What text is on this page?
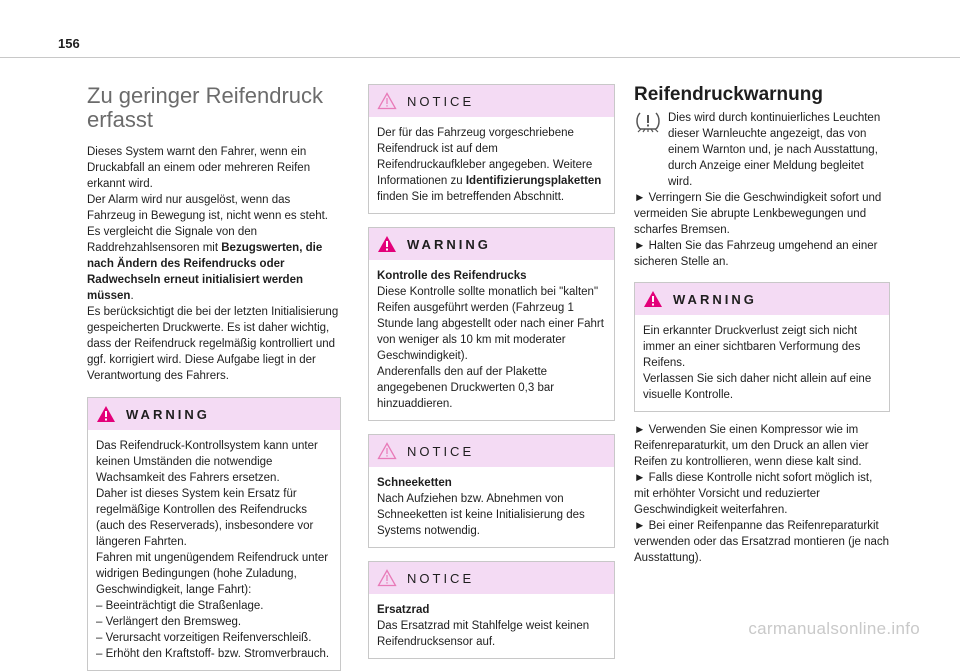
156
Zu geringer Reifendruck
erfasst

Dieses System warnt den Fahrer, wenn ein Druckabfall an einem oder mehreren Reifen erkannt wird.

Der Alarm wird nur ausgelöst, wenn das Fahrzeug in Bewegung ist, nicht wenn es steht.

Es vergleicht die Signale von den Raddrehzahlsensoren mit Bezugswerten, die nach Ändern des Reifendrucks oder Radwechseln erneut initialisiert werden müssen.

Es berücksichtigt die bei der letzten Initialisierung gespeicherten Druckwerte. Es ist daher wichtig, dass der Reifendruck regelmäßig kontrolliert und ggf. korrigiert wird. Diese Aufgabe liegt in der Verantwortung des Fahrers.

WARNING
Das Reifendruck-Kontrollsystem kann unter keinen Umständen die notwendige Wachsamkeit des Fahrers ersetzen.
Daher ist dieses System kein Ersatz für regelmäßige Kontrollen des Reifendrucks (auch des Reserverads), insbesondere vor längeren Fahrten.
Fahren mit ungenügendem Reifendruck unter widrigen Bedingungen (hohe Zuladung, Geschwindigkeit, lange Fahrt):
– Beeinträchtigt die Straßenlage.
– Verlängert den Bremsweg.
– Verursacht vorzeitigen Reifenverschleiß.
– Erhöht den Kraftstoff- bzw. Stromverbrauch.
NOTICE
Der für das Fahrzeug vorgeschriebene Reifendruck ist auf dem Reifendruckaufkleber angegeben. Weitere Informationen zu Identifizierungsplaketten finden Sie im betreffenden Abschnitt.
WARNING
Kontrolle des Reifendrucks
Diese Kontrolle sollte monatlich bei "kalten" Reifen ausgeführt werden (Fahrzeug 1 Stunde lang abgestellt oder nach einer Fahrt von weniger als 10 km mit moderater Geschwindigkeit).
Anderenfalls den auf der Plakette angegebenen Druckwerten 0,3 bar hinzuaddieren.
NOTICE
Schneeketten
Nach Aufziehen bzw. Abnehmen von Schneeketten ist keine Initialisierung des Systems notwendig.
NOTICE
Ersatzrad
Das Ersatzrad mit Stahlfelge weist keinen Reifendrucksensor auf.
Reifendruckwarnung

Dies wird durch kontinuierliches Leuchten dieser Warnleuchte angezeigt, das von einem Warnton und, je nach Ausstattung, durch Anzeige einer Meldung begleitet wird.

► Verringern Sie die Geschwindigkeit sofort und vermeiden Sie abrupte Lenkbewegungen und scharfes Bremsen.

► Halten Sie das Fahrzeug umgehend an einer sicheren Stelle an.

WARNING
Ein erkannter Druckverlust zeigt sich nicht immer an einer sichtbaren Verformung des Reifens.
Verlassen Sie sich daher nicht allein auf eine visuelle Kontrolle.

► Verwenden Sie einen Kompressor wie im Reifenreparaturkit, um den Druck an allen vier Reifen zu kontrollieren, wenn diese kalt sind.

► Falls diese Kontrolle nicht sofort möglich ist, mit erhöhter Vorsicht und reduzierter Geschwindigkeit weiterfahren.

► Bei einer Reifenpanne das Reifenreparaturkit verwenden oder das Ersatzrad montieren (je nach Ausstattung).

carmanualsonline.info
